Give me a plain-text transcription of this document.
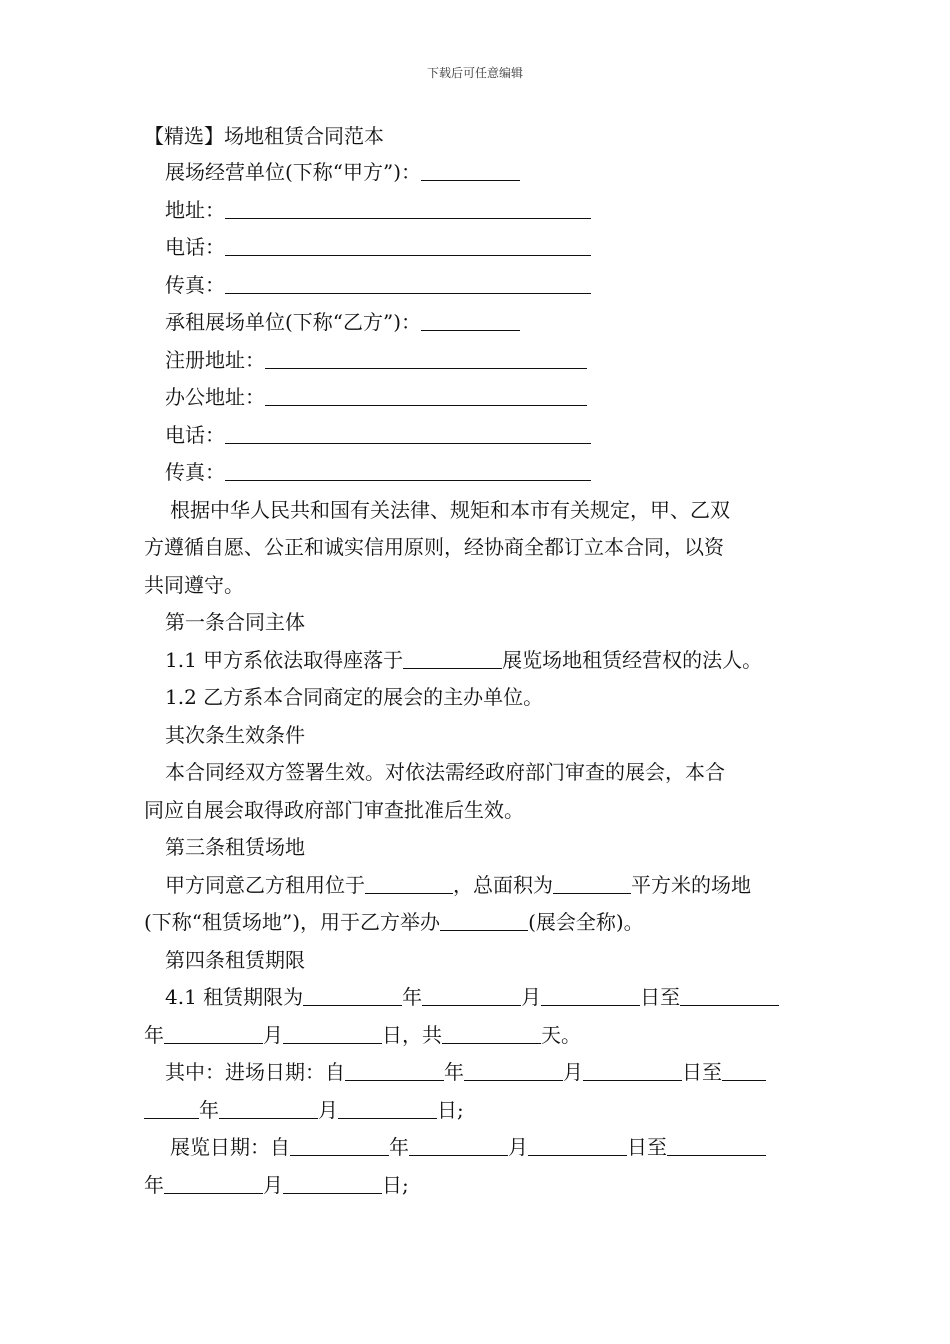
下载后可任意编辑
【精选】场地租赁合同范本
展场经营单位(下称“甲方”)：
地址：
电话：
传真：
承租展场单位(下称“乙方”)：
注册地址：
办公地址：
电话：
传真：
根据中华人民共和国有关法律、规矩和本市有关规定，甲、乙双
方遵循自愿、公正和诚实信用原则，经协商全都订立本合同，以资
共同遵守。
第一条合同主体
1.1 甲方系依法取得座落于	展览场地租赁经营权的法人。
1.2 乙方系本合同商定的展会的主办单位。
其次条生效条件
本合同经双方签署生效。对依法需经政府部门审查的展会，本合
同应自展会取得政府部门审查批准后生效。
第三条租赁场地
甲方同意乙方租用位于	，总面积为	平方米的场地
(下称“租赁场地”)，用于乙方举办	(展会全称)。
第四条租赁期限
4.1 租赁期限为	年	月	日至
年	月	日，共	天。
其中：进场日期：自	年	月	日至
年	月	日;
展览日期：自	年	月	日至
年	月	日;
